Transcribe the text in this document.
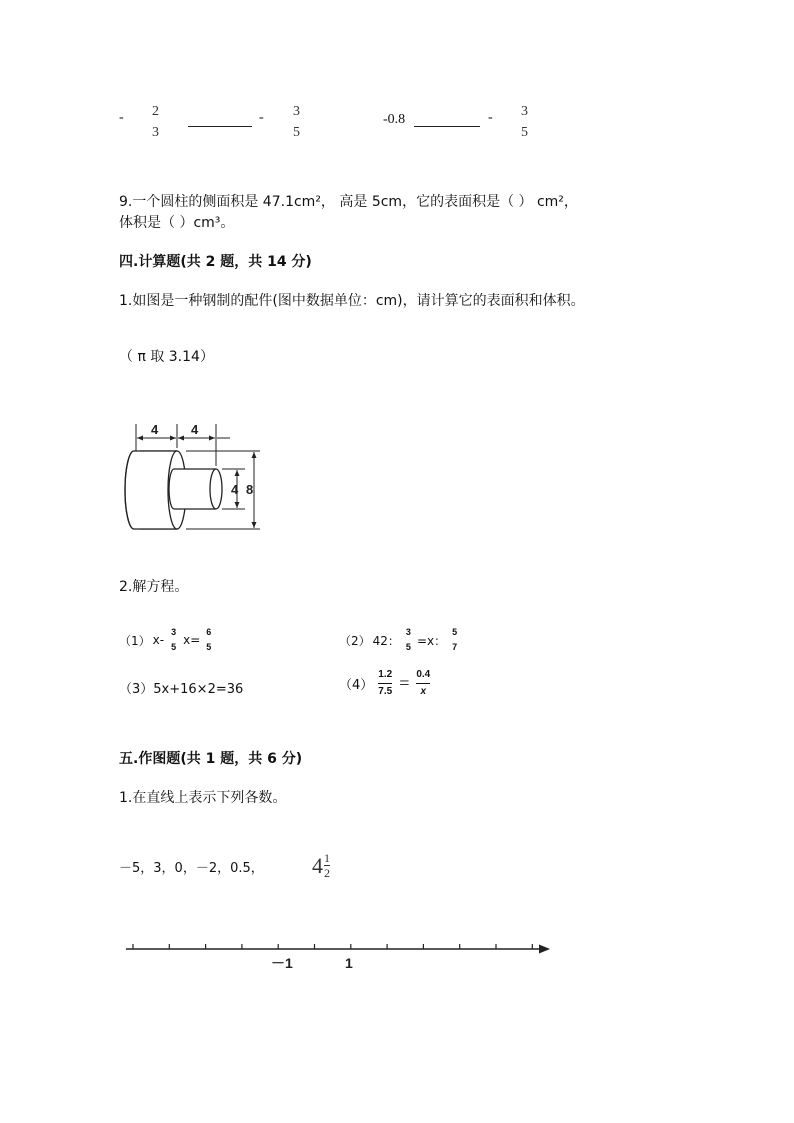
- 2
3
- 3
5
-0.8	- 3
5
9.一个圆柱的侧面积是 47.1cm²， 高是 5cm，它的表面积是（ ） cm²，
体积是（ ）cm³。
四.计算题(共 2 题，共 14 分)
1.如图是一种钢制的配件(图中数据单位：cm)，请计算它的表面积和体积。
（ π 取 3.14）
4	4
4 8
2.解方程。
（1） x-
3
5 x=
6
5	（2） 42：
3
5 =x：
5
7
（3）5x+16×2=36	$(4) \frac{1.2}{7.5} = \frac{0.4}{x}$
五.作图题(共 1 题，共 6 分)
1.在直线上表示下列各数。
－5，3，0，－2，0.5， $4 \frac{1}{2}$
－1	1
